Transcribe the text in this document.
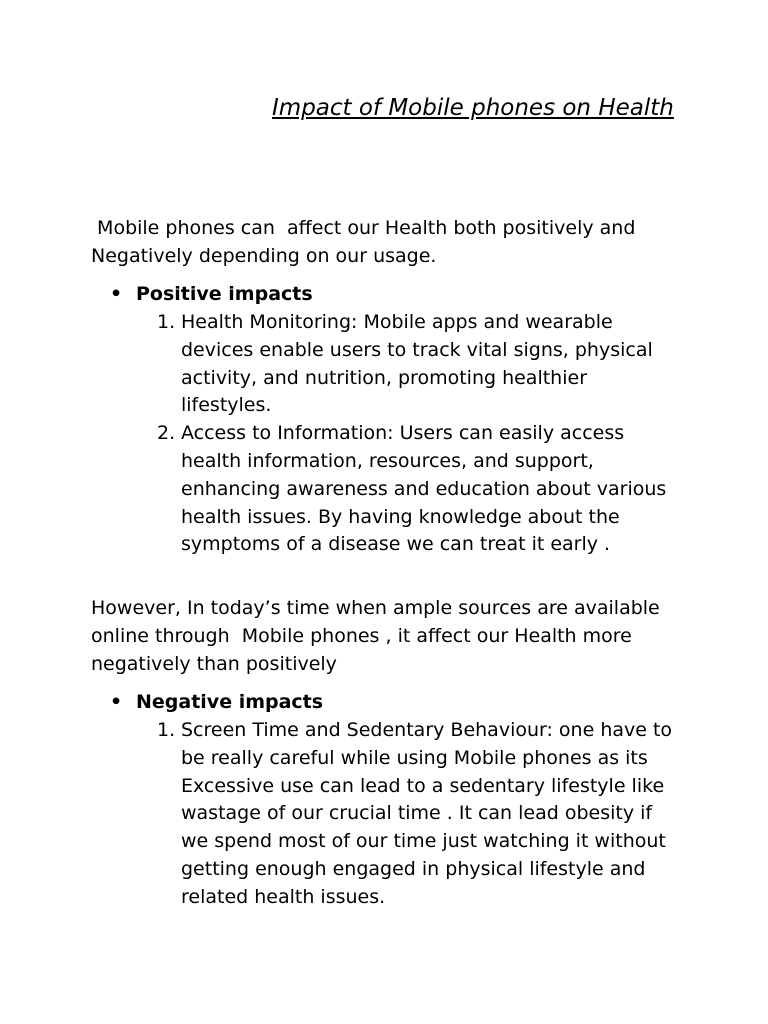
Impact of Mobile phones on Health

Mobile phones can  affect our Health both positively and Negatively depending on our usage.

• Positive impacts
1. Health Monitoring: Mobile apps and wearable devices enable users to track vital signs, physical activity, and nutrition, promoting healthier lifestyles.
2. Access to Information: Users can easily access health information, resources, and support, enhancing awareness and education about various health issues. By having knowledge about the symptoms of a disease we can treat it early .

However, In today’s time when ample sources are available online through  Mobile phones , it affect our Health more negatively than positively

• Negative impacts
1. Screen Time and Sedentary Behaviour: one have to be really careful while using Mobile phones as its Excessive use can lead to a sedentary lifestyle like wastage of our crucial time . It can lead obesity if we spend most of our time just watching it without getting enough engaged in physical lifestyle and related health issues.
